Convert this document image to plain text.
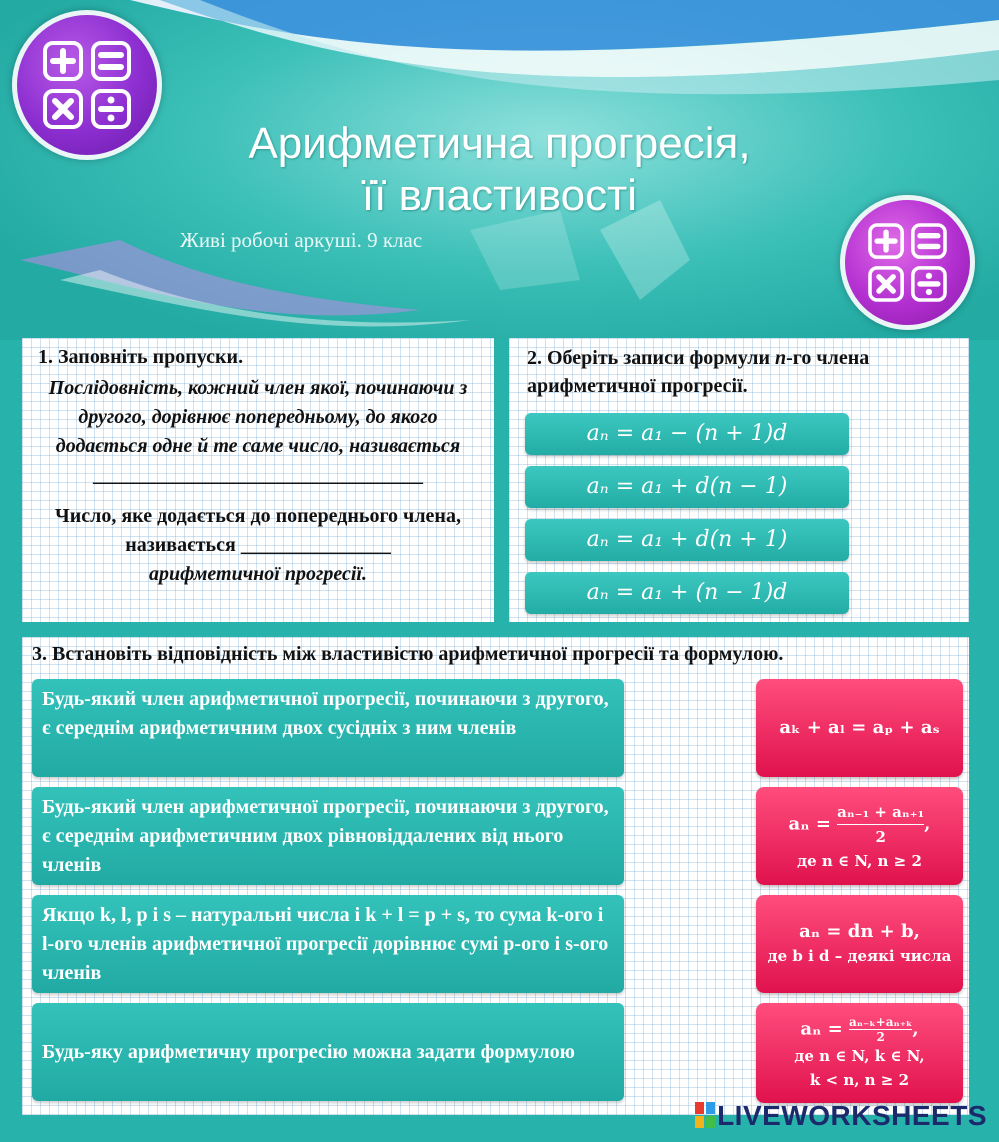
Арифметична прогресія,
її властивості
Живі робочі аркуші. 9 клас
1. Заповніть пропуски.
Послідовність, кожний член якої, починаючи з другого, дорівнює попередньому, до якого додається одне й те саме число, називається
_________________________________

Число, яке додається до попереднього члена, називається _______________
арифметичної прогресії.
2. Оберіть записи формули n-го члена арифметичної прогресії.
aₙ = a₁ − (n + 1)d
aₙ = a₁ + d(n − 1)
aₙ = a₁ + d(n + 1)
aₙ = a₁ + (n − 1)d
3. Встановіть відповідність між властивістю арифметичної прогресії та формулою.
Будь-який член арифметичної прогресії, починаючи з другого, є середнім арифметичним двох сусідніх з ним членів
Будь-який член арифметичної прогресії, починаючи з другого, є середнім арифметичним двох рівновіддалених від нього членів
Якщо k, l, p і s – натуральні числа і k + l = p + s, то сума k-ого і l-ого членів арифметичної прогресії дорівнює сумі p-ого і s-ого членів
Будь-яку арифметичну прогресію можна задати формулою
aₖ + aₗ = aₚ + aₛ
$a_n = \frac{\text{aₙ₋₁ + aₙ₊₁}}{2}$ ,
де n ∈ N, n ≥ 2
aₙ = dn + b,
де b і d – деякі числа
$a_n = \frac{\text{aₙ₋ₖ+aₙ₊ₖ}}{2}$ ,
де n ∈ N, k ∈ N,
k < n, n ≥ 2
LIVEWORKSHEETS
